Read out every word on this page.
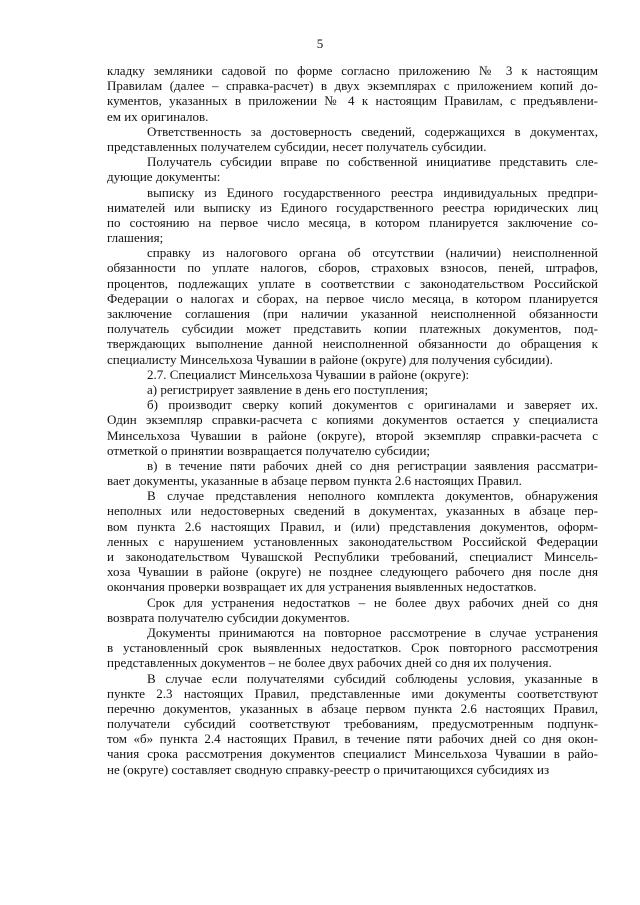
5
кладку земляники садовой по форме согласно приложению № 3 к настоящим
Правилам (далее – справка-расчет) в двух экземплярах с приложением копий до-
кументов, указанных в приложении № 4 к настоящим Правилам, с предъявлени-
ем их оригиналов.
Ответственность за достоверность сведений, содержащихся в документах,
представленных получателем субсидии, несет получатель субсидии.
Получатель субсидии вправе по собственной инициативе представить сле-
дующие документы:
выписку из Единого государственного реестра индивидуальных предпри-
нимателей или выписку из Единого государственного реестра юридических лиц
по состоянию на первое число месяца, в котором планируется заключение со-
глашения;
справку из налогового органа об отсутствии (наличии) неисполненной
обязанности по уплате налогов, сборов, страховых взносов, пеней, штрафов,
процентов, подлежащих уплате в соответствии с законодательством Российской
Федерации о налогах и сборах, на первое число месяца, в котором планируется
заключение соглашения (при наличии указанной неисполненной обязанности
получатель субсидии может представить копии платежных документов, под-
тверждающих выполнение данной неисполненной обязанности до обращения к
специалисту Минсельхоза Чувашии в районе (округе) для получения субсидии).
2.7. Специалист Минсельхоза Чувашии в районе (округе):
а) регистрирует заявление в день его поступления;
б) производит сверку копий документов с оригиналами и заверяет их.
Один экземпляр справки-расчета с копиями документов остается у специалиста
Минсельхоза Чувашии в районе (округе), второй экземпляр справки-расчета с
отметкой о принятии возвращается получателю субсидии;
в) в течение пяти рабочих дней со дня регистрации заявления рассматри-
вает документы, указанные в абзаце первом пункта 2.6 настоящих Правил.
В случае представления неполного комплекта документов, обнаружения
неполных или недостоверных сведений в документах, указанных в абзаце пер-
вом пункта 2.6 настоящих Правил, и (или) представления документов, оформ-
ленных с нарушением установленных законодательством Российской Федерации
и законодательством Чувашской Республики требований, специалист Минсель-
хоза Чувашии в районе (округе) не позднее следующего рабочего дня после дня
окончания проверки возвращает их для устранения выявленных недостатков.
Срок для устранения недостатков – не более двух рабочих дней со дня
возврата получателю субсидии документов.
Документы принимаются на повторное рассмотрение в случае устранения
в установленный срок выявленных недостатков. Срок повторного рассмотрения
представленных документов – не более двух рабочих дней со дня их получения.
В случае если получателями субсидий соблюдены условия, указанные в
пункте 2.3 настоящих Правил, представленные ими документы соответствуют
перечню документов, указанных в абзаце первом пункта 2.6 настоящих Правил,
получатели субсидий соответствуют требованиям, предусмотренным подпунк-
том «б» пункта 2.4 настоящих Правил, в течение пяти рабочих дней со дня окон-
чания срока рассмотрения документов специалист Минсельхоза Чувашии в райо-
не (округе) составляет сводную справку-реестр о причитающихся субсидиях из
